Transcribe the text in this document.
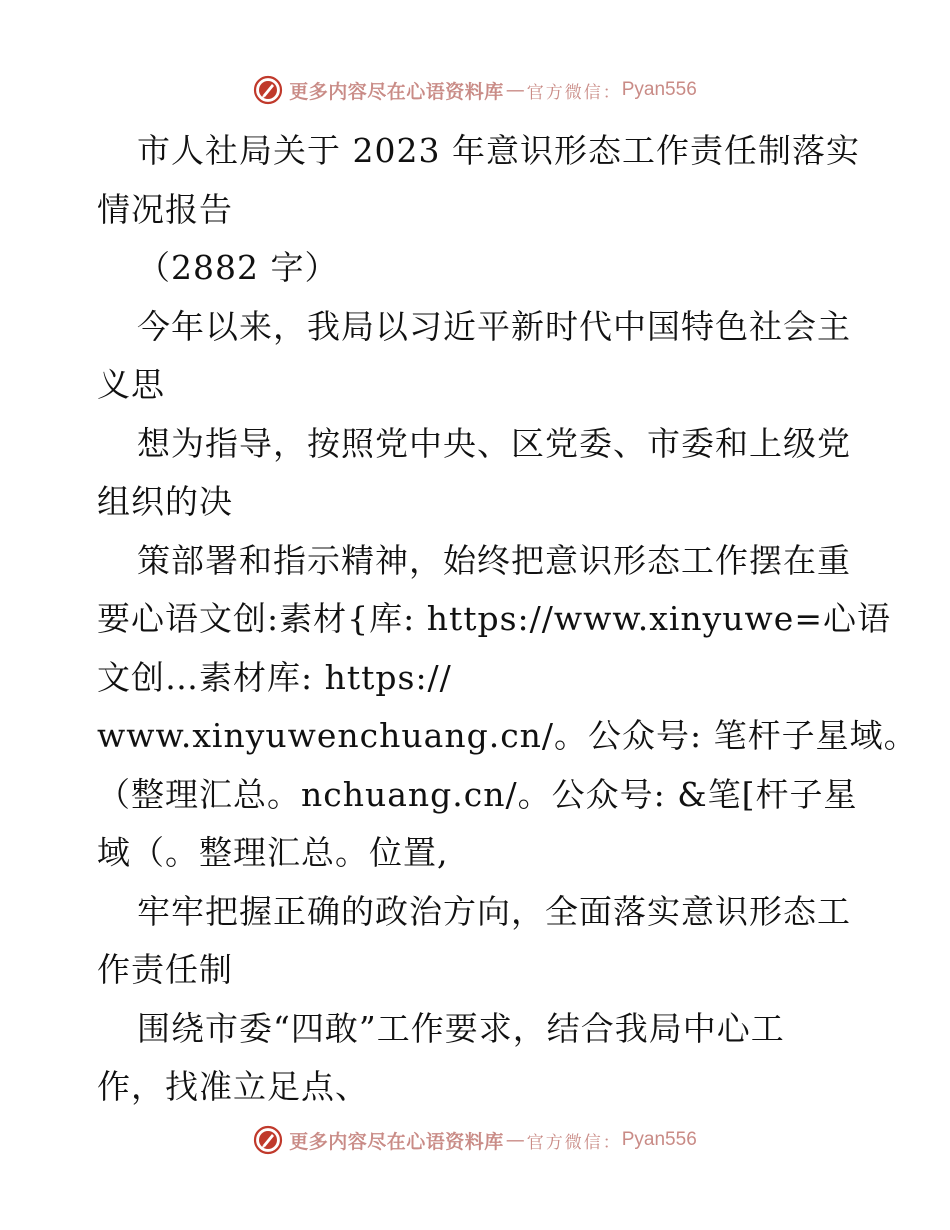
更多内容尽在心语资料库 — 官方微信： Pyan556
市人社局关于 2023 年意识形态工作责任制落实
情况报告
（2882 字）
今年以来，我局以习近平新时代中国特色社会主
义思
想为指导，按照党中央、区党委、市委和上级党
组织的决
策部署和指示精神，始终把意识形态工作摆在重
要心语文创:素材{库: https://www.xinyuwe=心语
文创…素材库: https://
www.xinyuwenchuang.cn/。公众号: 笔杆子星域。
（整理汇总。nchuang.cn/。公众号: &笔[杆子星
域（。整理汇总。位置,
牢牢把握正确的政治方向，全面落实意识形态工
作责任制
围绕市委“四敢”工作要求，结合我局中心工
作，找准立足点、
更多内容尽在心语资料库 — 官方微信： Pyan556
